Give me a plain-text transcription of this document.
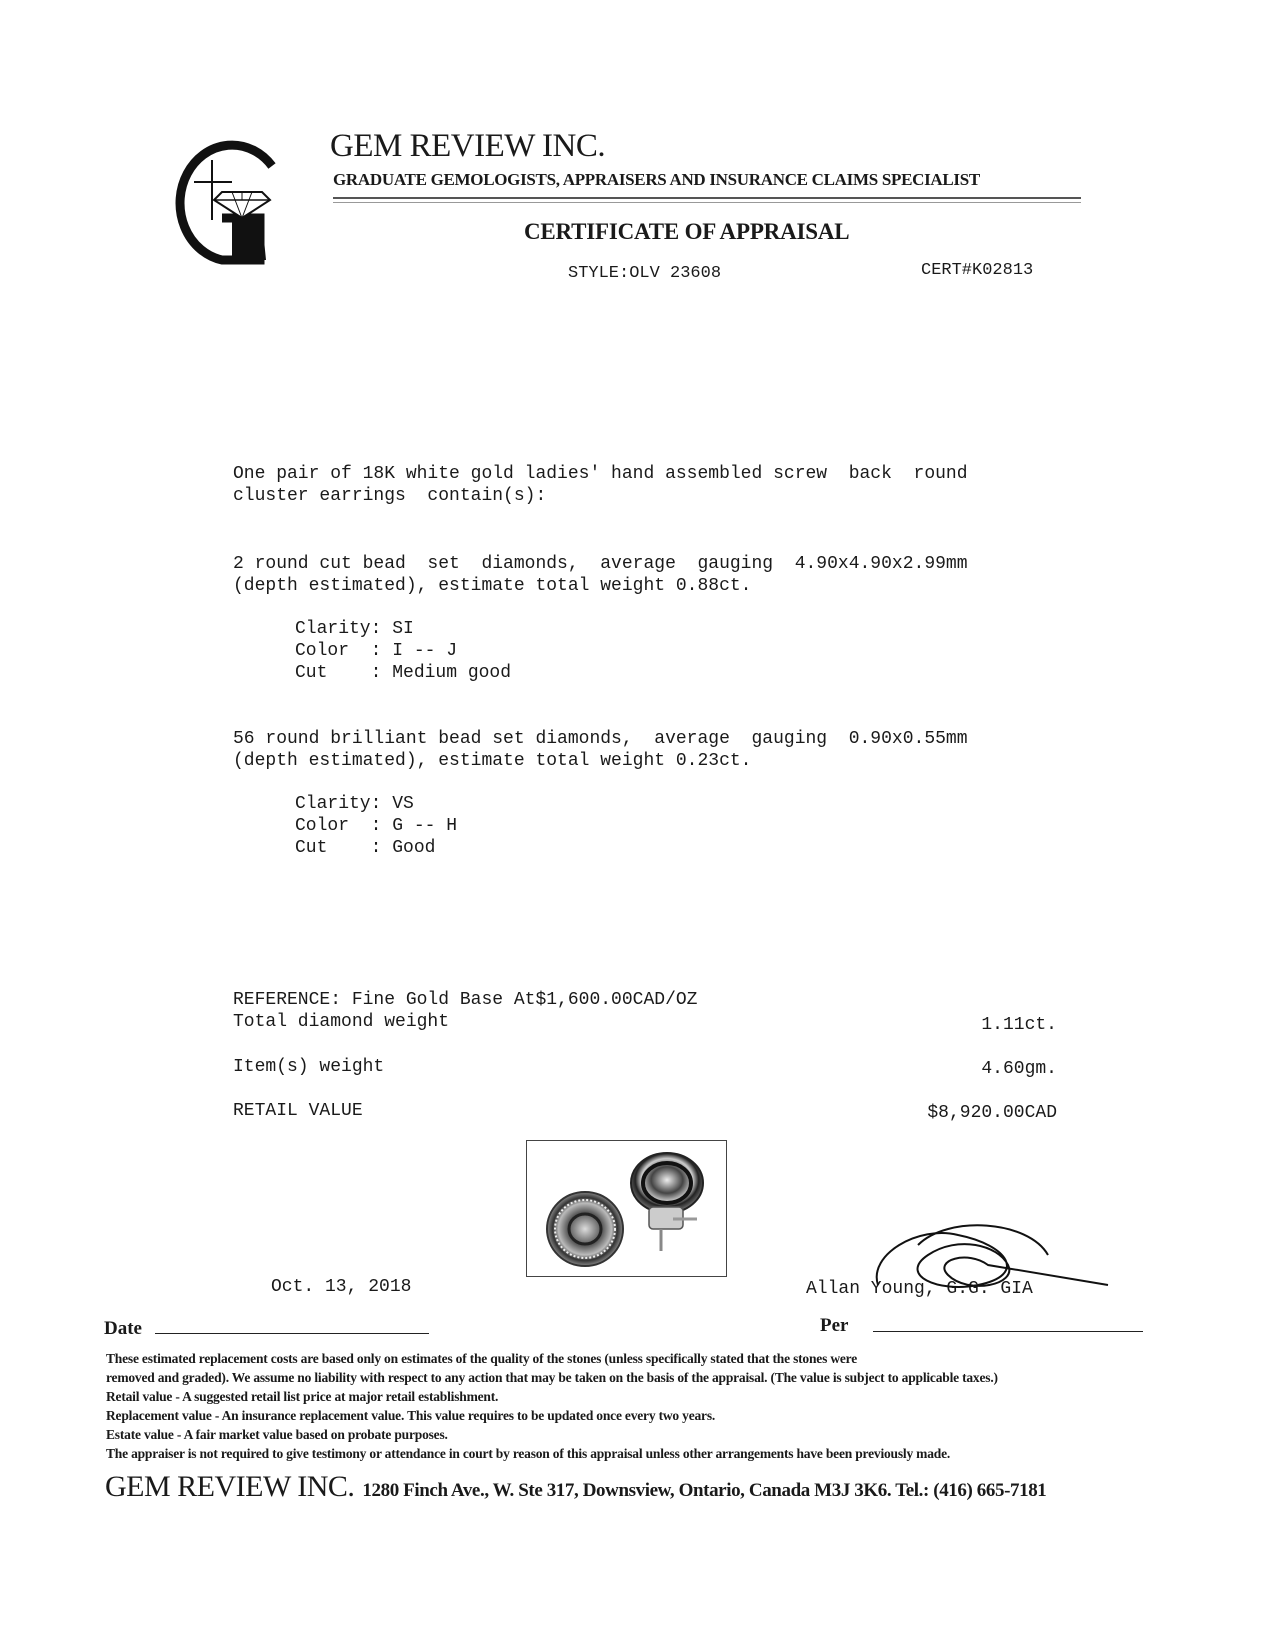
GEM REVIEW INC.
GRADUATE GEMOLOGISTS, APPRAISERS AND INSURANCE CLAIMS SPECIALIST
CERTIFICATE OF APPRAISAL
STYLE:OLV 23608	CERT#K02813
One pair of 18K white gold ladies' hand assembled screw  back  round
cluster earrings  contain(s):
2 round cut bead  set  diamonds,  average  gauging  4.90x4.90x2.99mm
(depth estimated), estimate total weight 0.88ct.
Clarity: SI
Color  : I -- J
Cut    : Medium good
56 round brilliant bead set diamonds,  average  gauging  0.90x0.55mm
(depth estimated), estimate total weight 0.23ct.
Clarity: VS
Color  : G -- H
Cut    : Good
REFERENCE: Fine Gold Base At$1,600.00CAD/OZ
Total diamond weight	1.11ct.
Item(s) weight	4.60gm.
RETAIL VALUE	$8,920.00CAD
Oct. 13, 2018	Allan Young, G.G. GIA
Date	Per
These estimated replacement costs are based only on estimates of the quality of the stones (unless specifically stated that the stones were
removed and graded). We assume no liability with respect to any action that may be taken on the basis of the appraisal. (The value is subject to applicable taxes.)
Retail value - A suggested retail list price at major retail establishment.
Replacement value - An insurance replacement value. This value requires to be updated once every two years.
Estate value - A fair market value based on probate purposes.
The appraiser is not required to give testimony or attendance in court by reason of this appraisal unless other arrangements have been previously made.
GEM REVIEW INC. 1280 Finch Ave., W. Ste 317, Downsview, Ontario, Canada M3J 3K6. Tel.: (416) 665-7181
